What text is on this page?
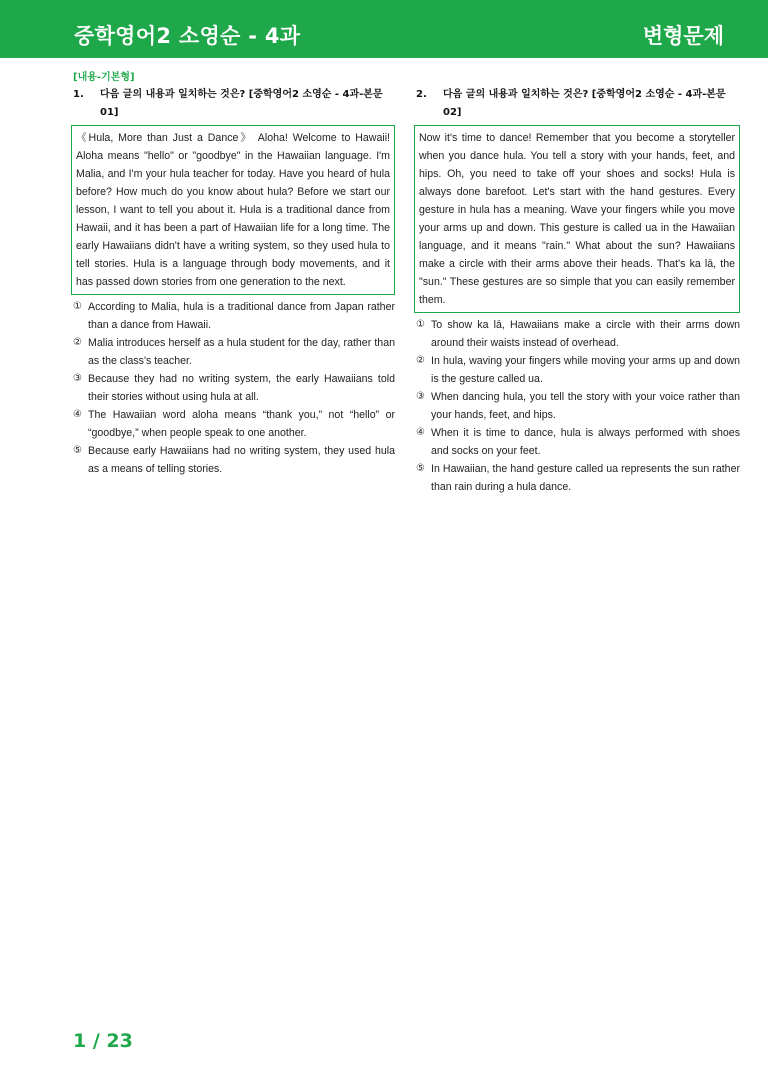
중학영어2 소영순 - 4과	변형문제
[내용-기본형]
1.	다음 글의 내용과 일치하는 것은? [중학영어2 소영순 - 4과-본문 01]
《Hula, More than Just a Dance》 Aloha! Welcome to Hawaii! Aloha means "hello" or "goodbye" in the Hawaiian language. I'm Malia, and I'm your hula teacher for today. Have you heard of hula before? How much do you know about hula? Before we start our lesson, I want to tell you about it. Hula is a traditional dance from Hawaii, and it has been a part of Hawaiian life for a long time. The early Hawaiians didn't have a writing system, so they used hula to tell stories. Hula is a language through body movements, and it has passed down stories from one generation to the next.
① According to Malia, hula is a traditional dance from Japan rather than a dance from Hawaii.
② Malia introduces herself as a hula student for the day, rather than as the class's teacher.
③ Because they had no writing system, the early Hawaiians told their stories without using hula at all.
④ The Hawaiian word aloha means “thank you,” not “hello” or “goodbye,” when people speak to one another.
⑤ Because early Hawaiians had no writing system, they used hula as a means of telling stories.
2.	다음 글의 내용과 일치하는 것은? [중학영어2 소영순 - 4과-본문 02]
Now it's time to dance! Remember that you become a storyteller when you dance hula. You tell a story with your hands, feet, and hips. Oh, you need to take off your shoes and socks! Hula is always done barefoot. Let's start with the hand gestures. Every gesture in hula has a meaning. Wave your fingers while you move your arms up and down. This gesture is called ua in the Hawaiian language, and it means "rain." What about the sun? Hawaiians make a circle with their arms above their heads. That's ka lā, the "sun." These gestures are so simple that you can easily remember them.
① To show ka lā, Hawaiians make a circle with their arms down around their waists instead of overhead.
② In hula, waving your fingers while moving your arms up and down is the gesture called ua.
③ When dancing hula, you tell the story with your voice rather than your hands, feet, and hips.
④ When it is time to dance, hula is always performed with shoes and socks on your feet.
⑤ In Hawaiian, the hand gesture called ua represents the sun rather than rain during a hula dance.
1 / 23
